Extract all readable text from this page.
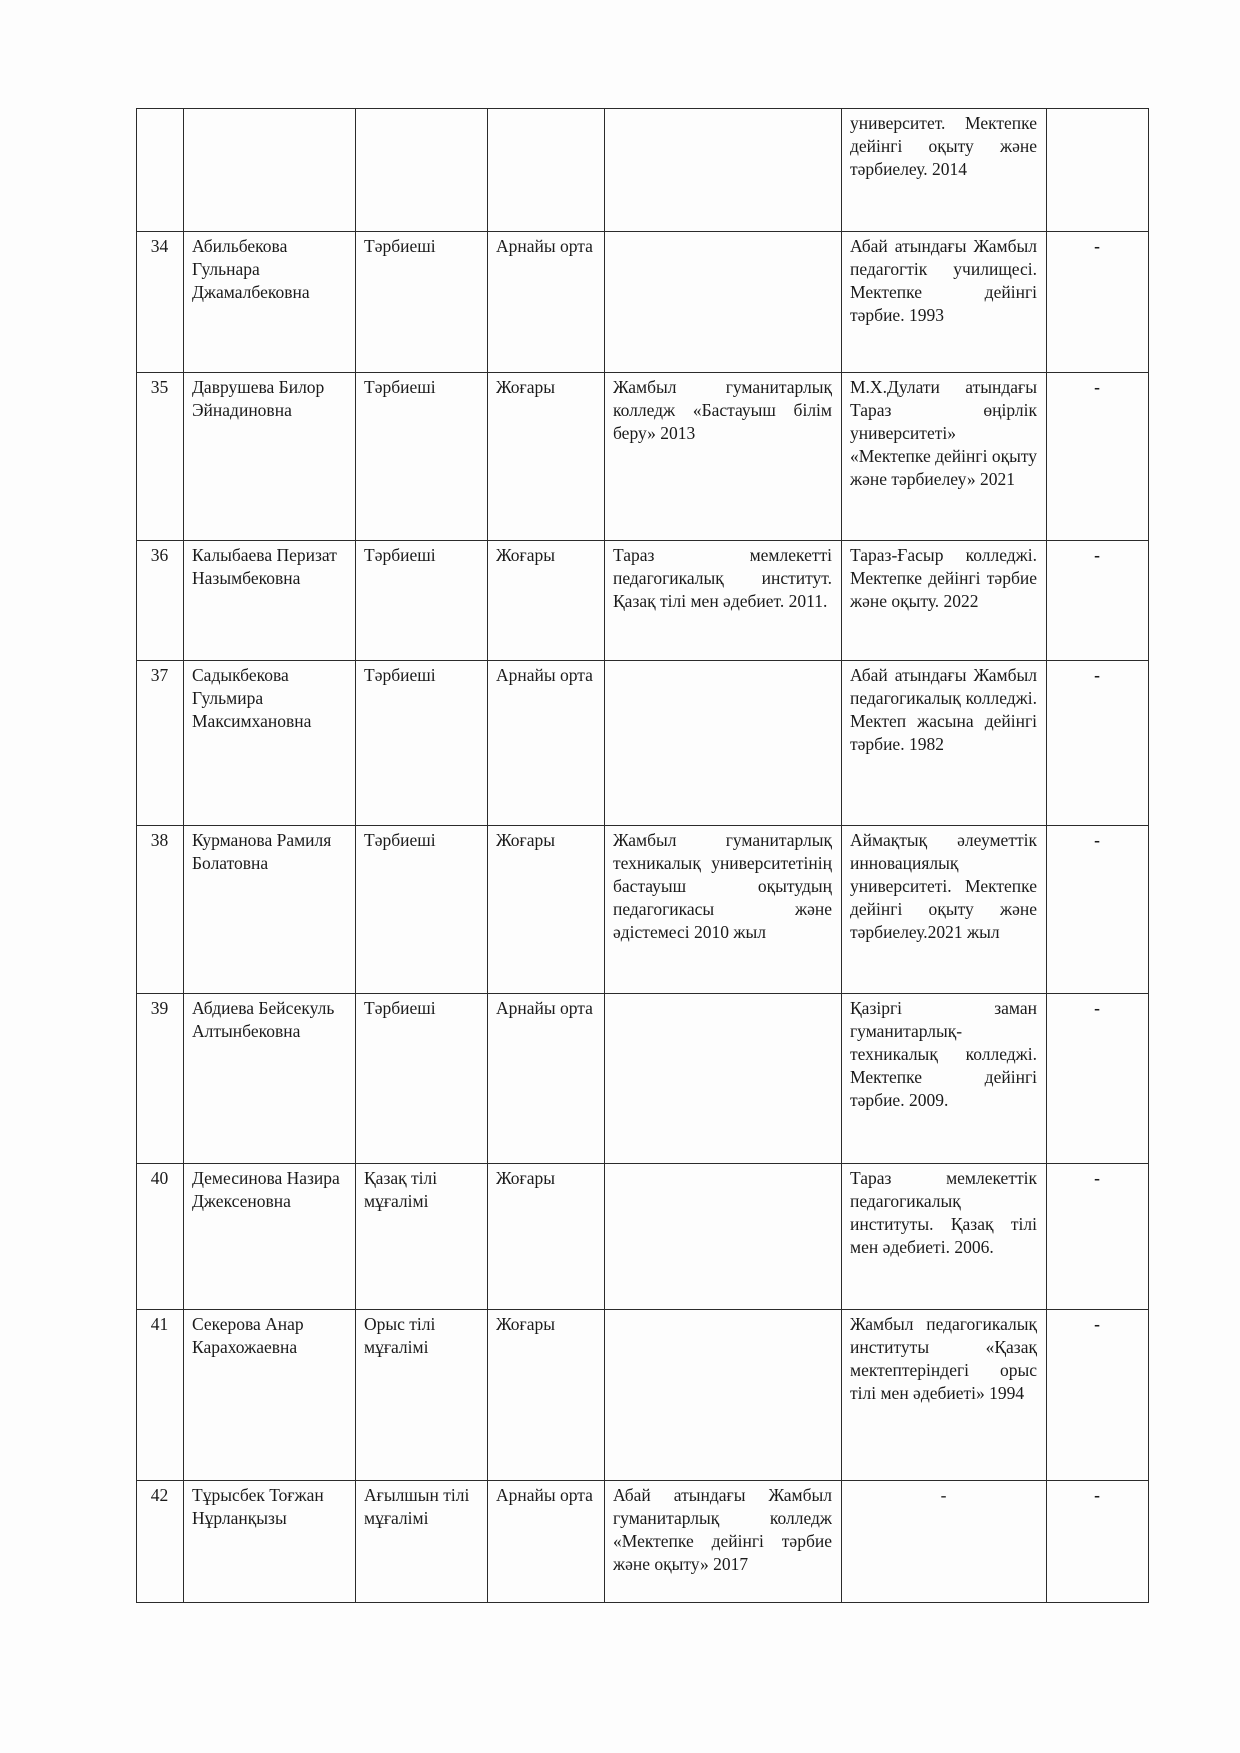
					университет. Мектепке дейінгі оқыту және тәрбиелеу. 2014	
34	Абильбекова Гульнара Джамалбековна	Тәрбиеші	Арнайы орта		Абай атындағы Жамбыл педагогтік училищесі. Мектепке дейінгі тәрбие. 1993	-
35	Даврушева Билор Эйнадиновна	Тәрбиеші	Жоғары	Жамбыл гуманитарлық колледж «Бастауыш білім беру» 2013	М.Х.Дулати атындағы Тараз өңірлік университеті» «Мектепке дейінгі оқыту және тәрбиелеу» 2021	-
36	Калыбаева Перизат Назымбековна	Тәрбиеші	Жоғары	Тараз мемлекетті педагогикалық институт. Қазақ тілі мен әдебиет. 2011.	Тараз-Ғасыр колледжі. Мектепке дейінгі тәрбие және оқыту. 2022	-
37	Садыкбекова Гульмира Максимхановна	Тәрбиеші	Арнайы орта		Абай атындағы Жамбыл педагогикалық колледжі. Мектеп жасына дейінгі тәрбие. 1982	-
38	Курманова Рамиля Болатовна	Тәрбиеші	Жоғары	Жамбыл гуманитарлық техникалық университетінің бастауыш оқытудың педагогикасы және әдістемесі 2010 жыл	Аймақтық әлеуметтік инновациялық университеті. Мектепке дейінгі оқыту және тәрбиелеу.2021 жыл	-
39	Абдиева Бейсекуль Алтынбековна	Тәрбиеші	Арнайы орта		Қазіргі заман гуманитарлық-техникалық колледжі. Мектепке дейінгі тәрбие. 2009.	-
40	Демесинова Назира Джексеновна	Қазақ тілі мұғалімі	Жоғары		Тараз мемлекеттік педагогикалық институты. Қазақ тілі мен әдебиеті. 2006.	-
41	Секерова Анар Карахожаевна	Орыс тілі мұғалімі	Жоғары		Жамбыл педагогикалық институты «Қазақ мектептеріндегі орыс тілі мен әдебиеті» 1994	-
42	Тұрысбек Тоғжан Нұрланқызы	Ағылшын тілі мұғалімі	Арнайы орта	Абай атындағы Жамбыл гуманитарлық колледж «Мектепке дейінгі тәрбие және оқыту» 2017	-	-
